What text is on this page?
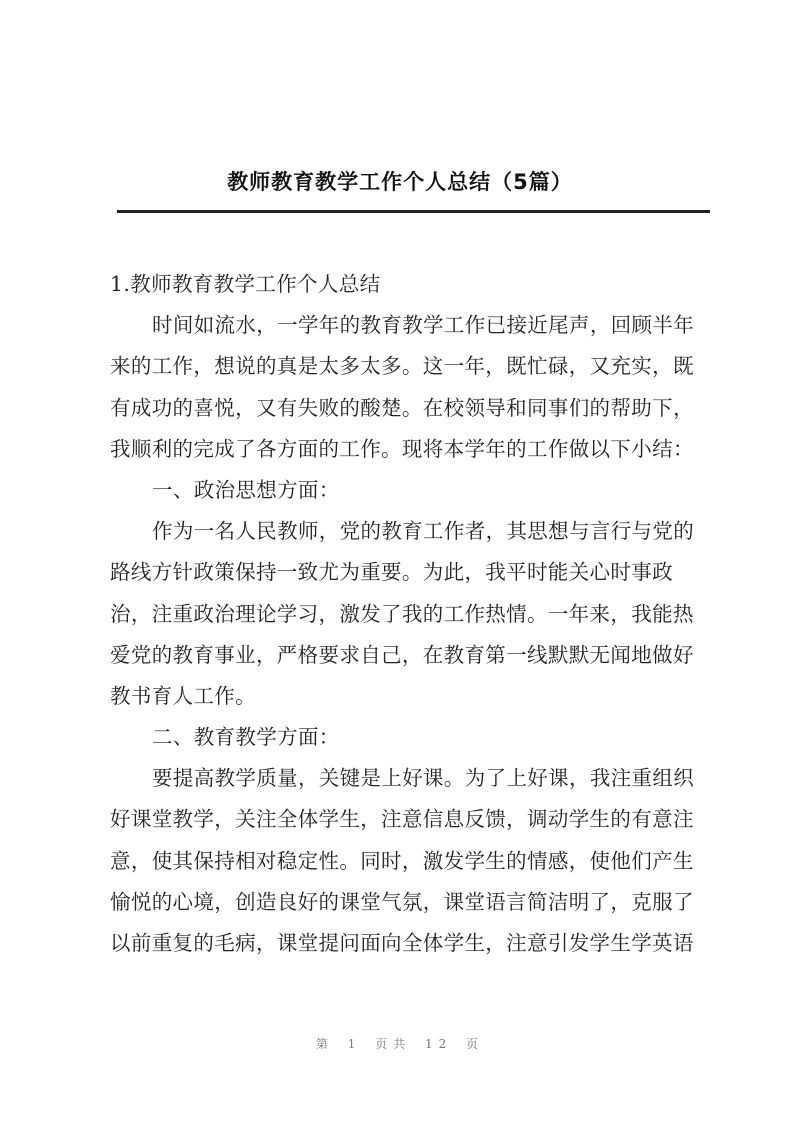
教师教育教学工作个人总结（5篇）
1.教师教育教学工作个人总结
时间如流水，一学年的教育教学工作已接近尾声，回顾半年
来的工作，想说的真是太多太多。这一年，既忙碌，又充实，既
有成功的喜悦，又有失败的酸楚。在校领导和同事们的帮助下，
我顺利的完成了各方面的工作。现将本学年的工作做以下小结：
一、政治思想方面：
作为一名人民教师，党的教育工作者，其思想与言行与党的
路线方针政策保持一致尤为重要。为此，我平时能关心时事政
治，注重政治理论学习，激发了我的工作热情。一年来，我能热
爱党的教育事业，严格要求自己，在教育第一线默默无闻地做好
教书育人工作。
二、教育教学方面：
要提高教学质量，关键是上好课。为了上好课，我注重组织
好课堂教学，关注全体学生，注意信息反馈，调动学生的有意注
意，使其保持相对稳定性。同时，激发学生的情感，使他们产生
愉悦的心境，创造良好的课堂气氛，课堂语言简洁明了，克服了
以前重复的毛病，课堂提问面向全体学生，注意引发学生学英语
第 1 页共 12 页
